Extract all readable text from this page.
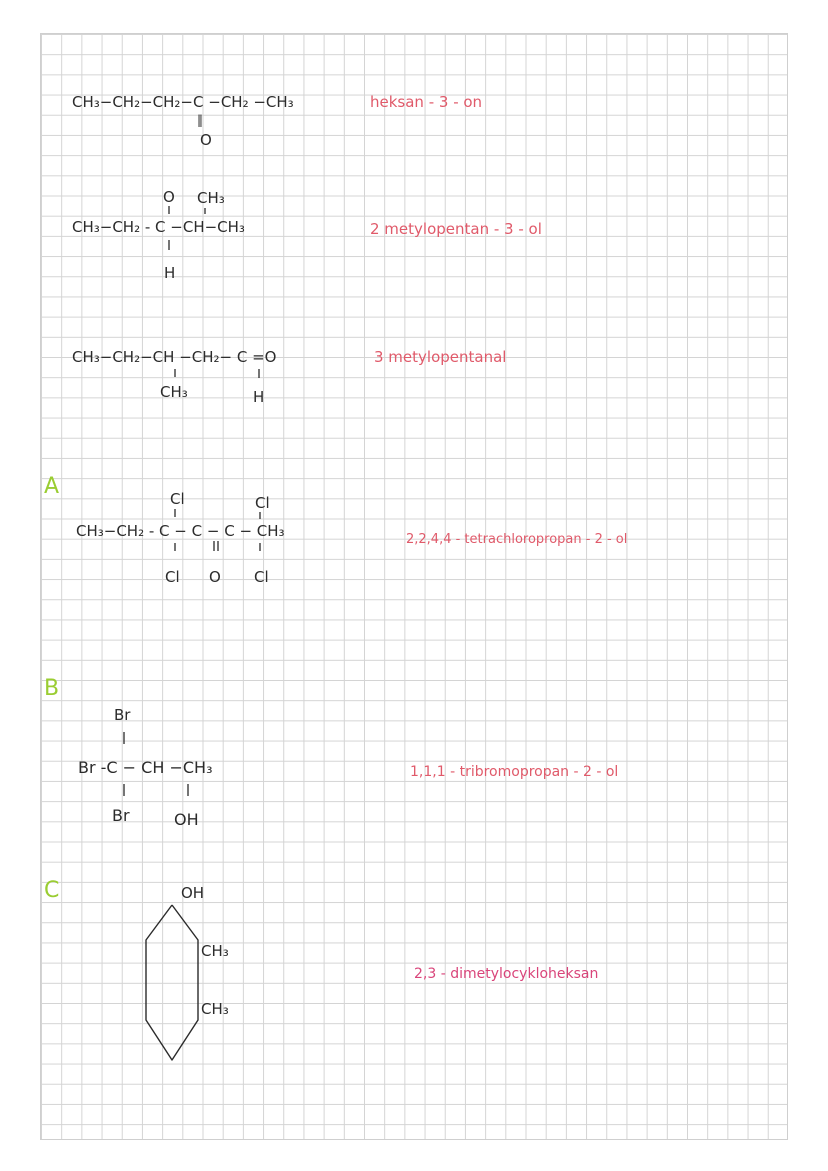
A
B
C
CH₃−CH₂−CH₂−C −CH₂ −CH₃
‖
O
heksan - 3 - on
O CH₃
CH₃−CH₂ - C −CH−CH₃
H
2 metylopentan - 3 - ol
CH₃−CH₂−CH −CH₂− C =O
CH₃	H
3 metylopentanal
Cl	Cl
CH₃−CH₂ - C − C − C − CH₃
Cl O Cl
2,2,4,4 - tetrachloropropan - 2 - ol
Br
Br -C − CH −CH₃
Br	OH
1,1,1 - tribromopropan - 2 - ol
OH
CH₃
CH₃
2,3 - dimetylocykloheksan
